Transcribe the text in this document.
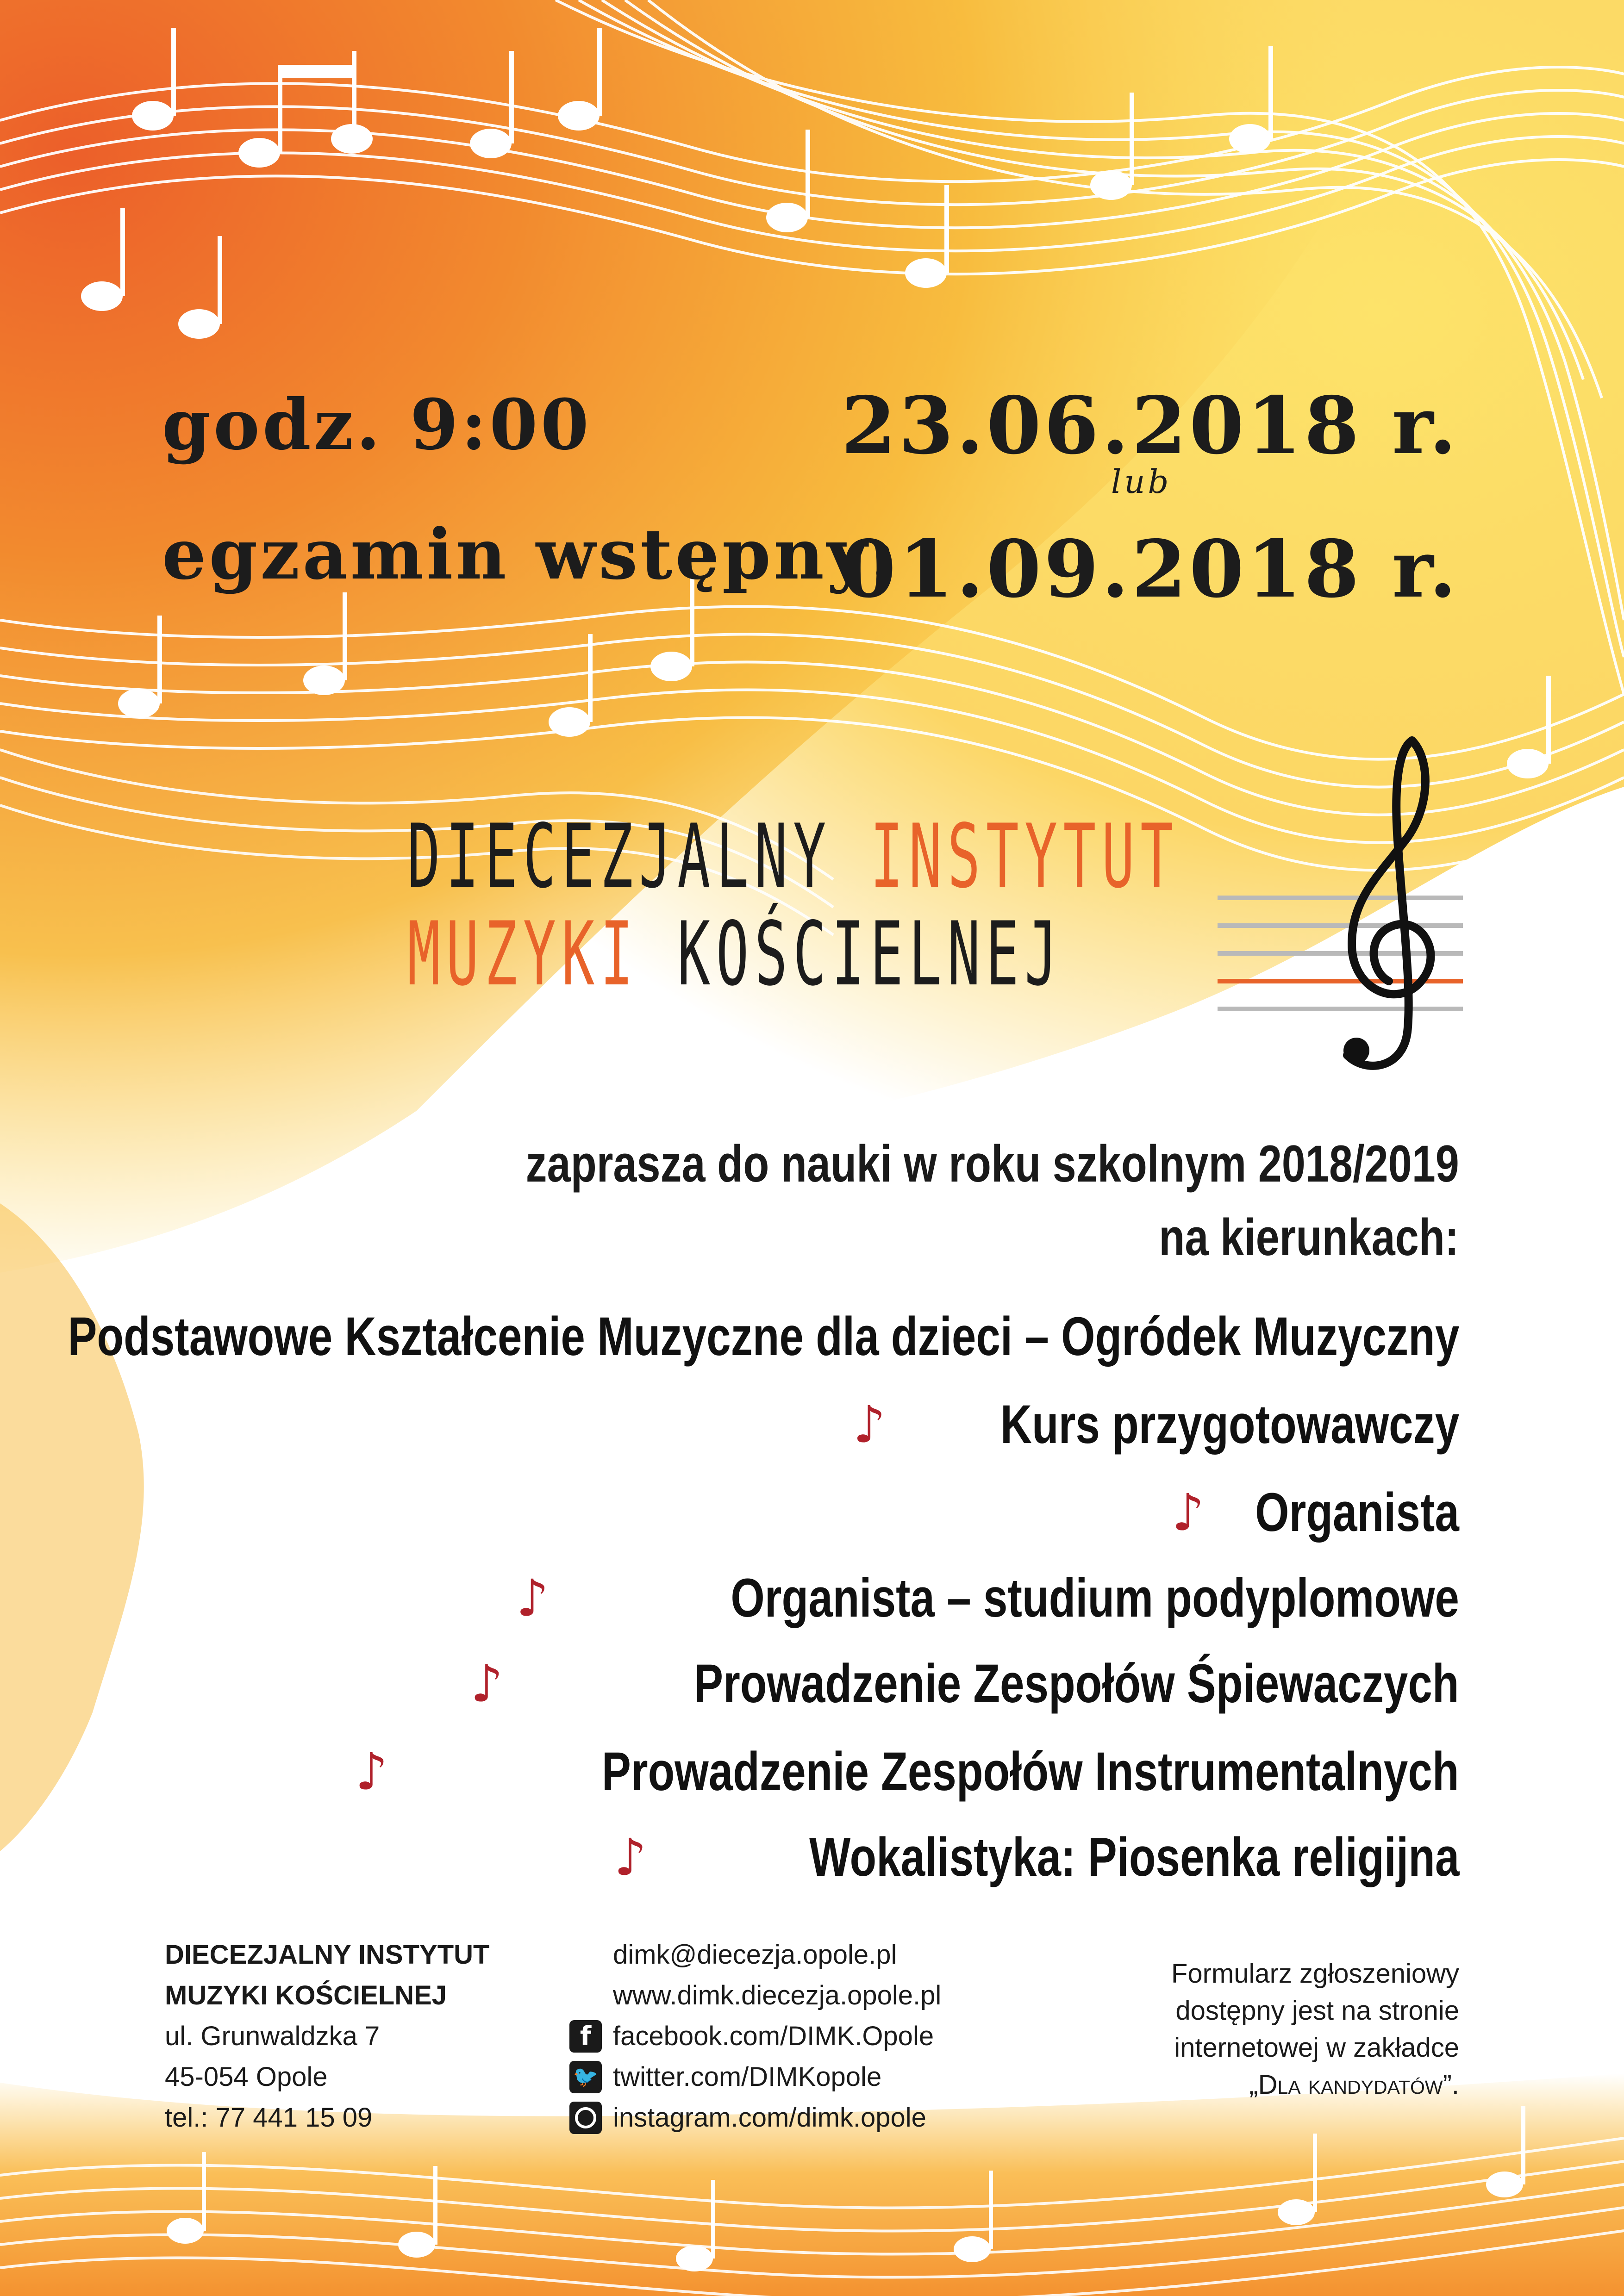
godz. 9:00
egzamin wstępny:
23.06.2018 r.
lub
01.09.2018 r.
DIECEZJALNY INSTYTUT
MUZYKI KOŚCIELNEJ
zaprasza do nauki w roku szkolnym 2018/2019
na kierunkach:
Podstawowe Kształcenie Muzyczne dla dzieci – Ogródek Muzyczny
♪ Kurs przygotowawczy
♪ Organista
♪	Organista – studium podyplomowe
♪	Prowadzenie Zespołów Śpiewaczych
♪	Prowadzenie Zespołów Instrumentalnych
♪	Wokalistyka: Piosenka religijna
DIECEZJALNY INSTYTUT
MUZYKI KOŚCIELNEJ
ul. Grunwaldzka 7
45-054 Opole
tel.: 77 441 15 09
dimk@diecezja.opole.pl
www.dimk.diecezja.opole.pl
f facebook.com/DIMK.Opole
🐦 twitter.com/DIMKopole
instagram.com/dimk.opole
Formularz zgłoszeniowy
dostępny jest na stronie
internetowej w zakładce
„Dla kandydatów”.
